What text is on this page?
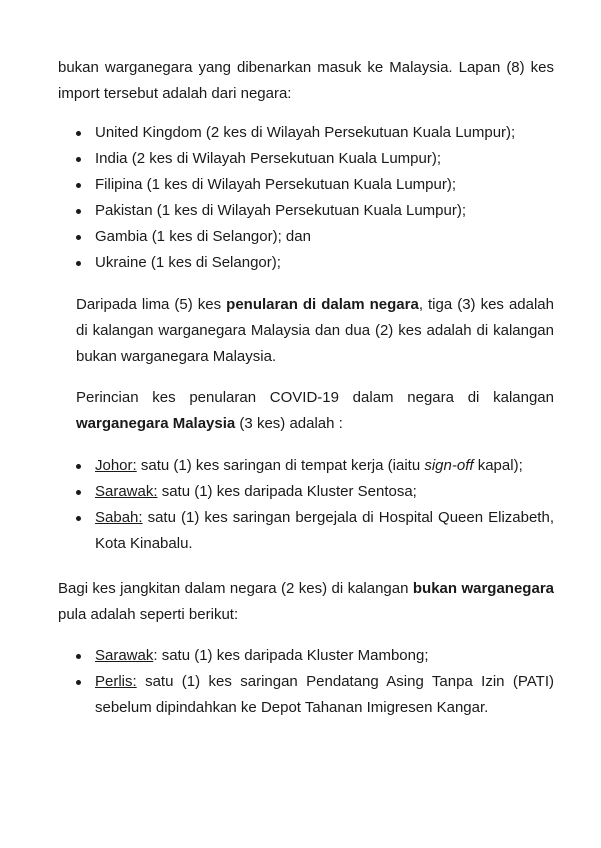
bukan warganegara yang dibenarkan masuk ke Malaysia. Lapan (8) kes import tersebut adalah dari negara:

United Kingdom (2 kes di Wilayah Persekutuan Kuala Lumpur);
India (2 kes di Wilayah Persekutuan Kuala Lumpur);
Filipina (1 kes di Wilayah Persekutuan Kuala Lumpur);
Pakistan (1 kes di Wilayah Persekutuan Kuala Lumpur);
Gambia (1 kes di Selangor); dan
Ukraine (1 kes di Selangor);

Daripada lima (5) kes penularan di dalam negara, tiga (3) kes adalah di kalangan warganegara Malaysia dan dua (2) kes adalah di kalangan bukan warganegara Malaysia.

Perincian kes penularan COVID-19 dalam negara di kalangan warganegara Malaysia (3 kes) adalah :

Johor: satu (1) kes saringan di tempat kerja (iaitu sign-off kapal);
Sarawak: satu (1) kes daripada Kluster Sentosa;
Sabah: satu (1) kes saringan bergejala di Hospital Queen Elizabeth, Kota Kinabalu.

Bagi kes jangkitan dalam negara (2 kes) di kalangan bukan warganegara pula adalah seperti berikut:

Sarawak: satu (1) kes daripada Kluster Mambong;
Perlis: satu (1) kes saringan Pendatang Asing Tanpa Izin (PATI) sebelum dipindahkan ke Depot Tahanan Imigresen Kangar.
